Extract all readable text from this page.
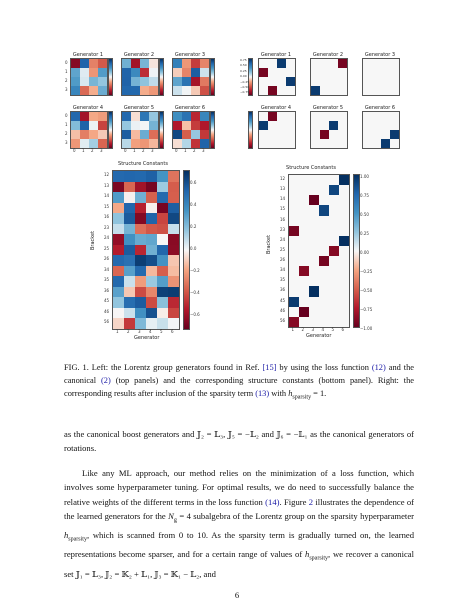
Generator 1
0
1
2
3
Generator 2	Generator 3
Generator 4
0
1
2
3
0 1 2 3
Generator 5
0 1 2 3
Generator 6
0 1 2 3
Generator 1	Generator 2	Generator 3
Generator 4	Generator 5	Generator 6
0.75
0.50
0.25
0.00
−0.25
−0.50
−0.75
Structure Constants
12
13
14
15
16
23
24
25
26
34
35
36
45
46
56
1 2 3 4 5 6
0.6
0.4
0.2
0.0
−0.2
−0.4
−0.6
Generator
Bracket
Structure Constants
12
13
14
15
16
23
24
25
26
34
35
36
45
46
56
1 2 3 4 5 6
1.00
0.75
0.50
0.25
0.00
−0.25
−0.50
−0.75
−1.00
Generator
Bracket
FIG. 1. Left: the Lorentz group generators found in Ref. [15] by using the loss function (12) and the canonical (2) (top panels) and the corresponding structure constants (bottom panel). Right: the corresponding results after inclusion of the sparsity term (13) with $h_{sparsity} = 1$.
as the canonical boost generators and 𝕁₂ = 𝕃₃, 𝕁₅ = −𝕃₂ and 𝕁₆ = −𝕃₁ as the canonical generators of rotations.
Like any ML approach, our method relies on the minimization of a loss function, which involves some hyperparameter tuning. For optimal results, we do need to successfully balance the relative weights of the different terms in the loss function (14). Figure 2 illustrates the dependence of the learned generators for the $N_g = 4$ subalgebra of the Lorentz group on the sparsity hyperparameter $h_{sparsity}$, which is scanned from 0 to 10. As the sparsity term is gradually turned on, the learned representations become sparser, and for a certain range of values of $h_{sparsity}$, we recover a canonical set 𝕁₁ = 𝕃₃, 𝕁₂ = 𝕂₂ + 𝕃₁, 𝕁₃ = 𝕂₁ − 𝕃₂, and
6
